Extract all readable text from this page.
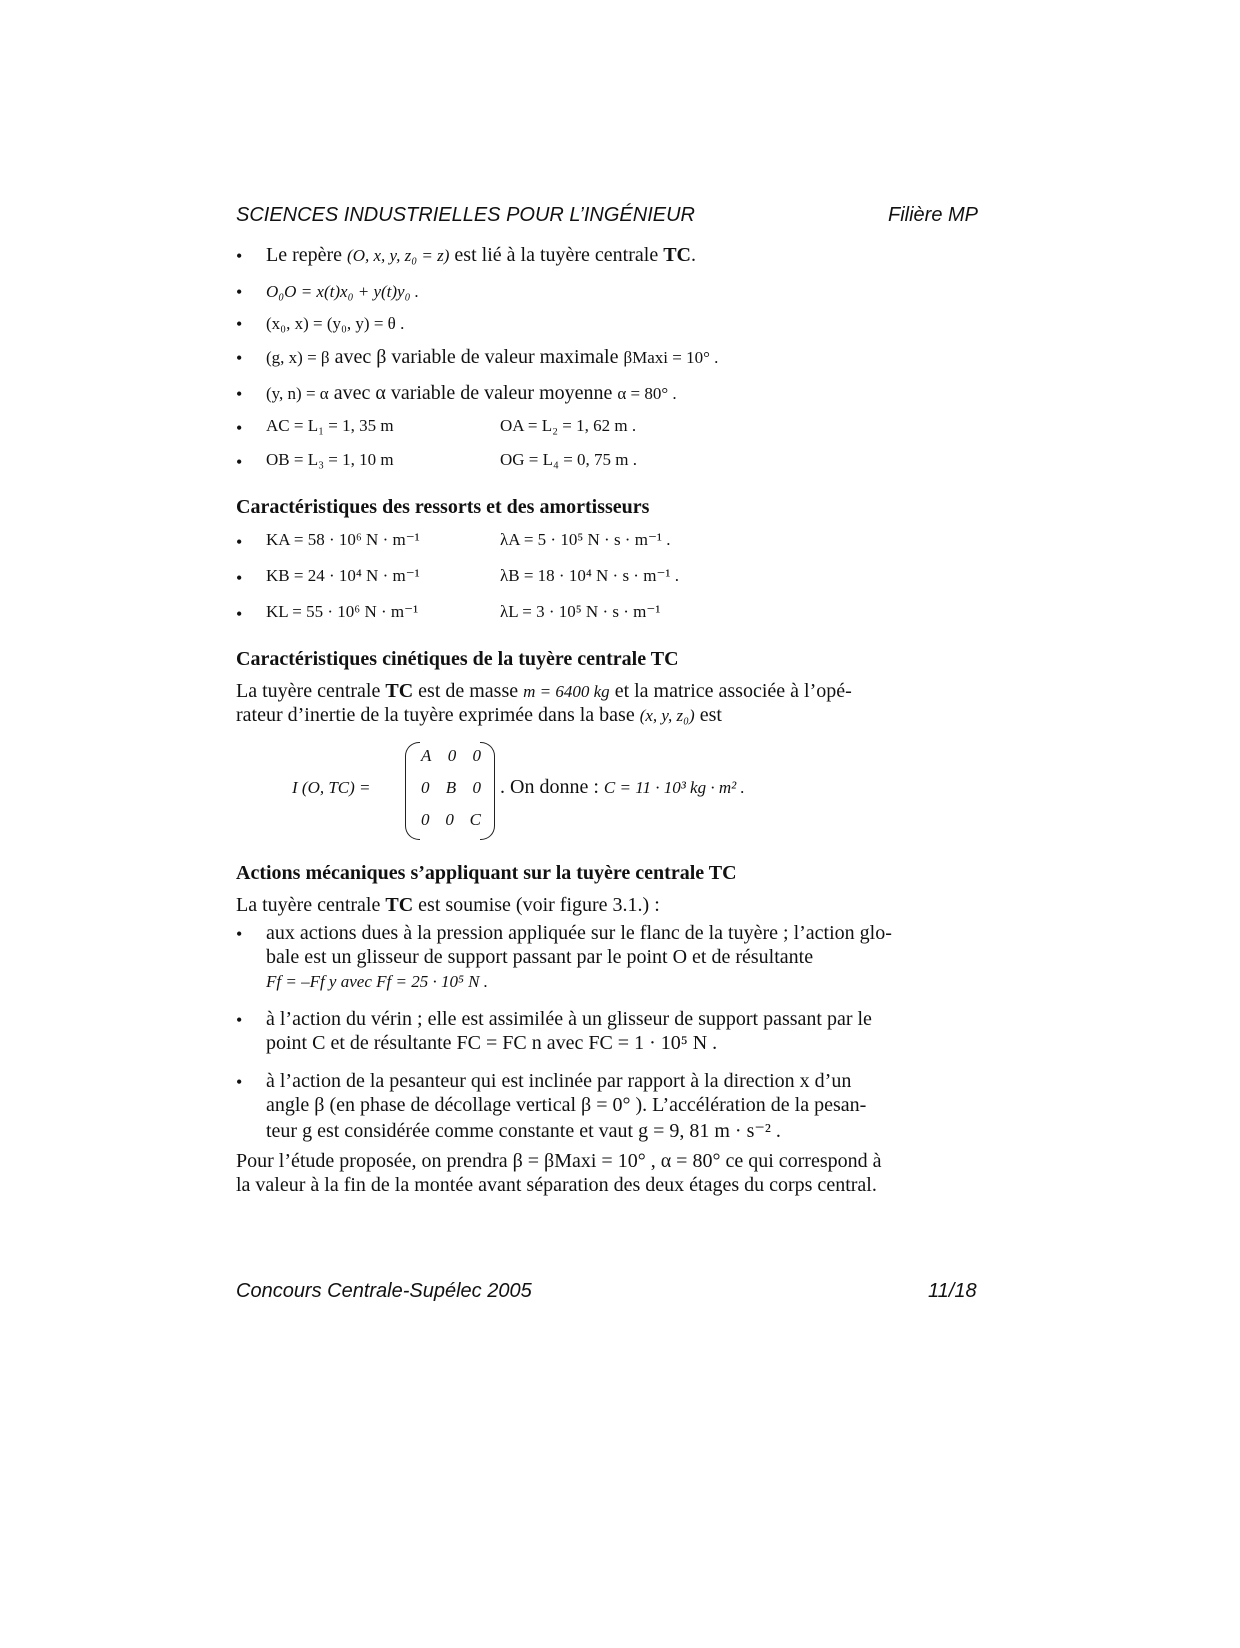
SCIENCES INDUSTRIELLES POUR L’INGÉNIEUR	Filière MP
• Le repère (O, x, y, z₀ = z) est lié à la tuyère centrale TC.
• O₀O = x(t)x₀ + y(t)y₀ .
• (x₀, x) = (y₀, y) = θ .
• (g, x) = β avec β variable de valeur maximale βMaxi = 10° .
• (y, n) = α avec α variable de valeur moyenne α = 80° .
• AC = L₁ = 1, 35 m	OA = L₂ = 1, 62 m .
• OB = L₃ = 1, 10 m	OG = L₄ = 0, 75 m .
Caractéristiques des ressorts et des amortisseurs
• KA = 58 · 10⁶ N · m⁻¹	λA = 5 · 10⁵ N · s · m⁻¹ .
• KB = 24 · 10⁴ N · m⁻¹	λB = 18 · 10⁴ N · s · m⁻¹ .
• KL = 55 · 10⁶ N · m⁻¹	λL = 3 · 10⁵ N · s · m⁻¹
Caractéristiques cinétiques de la tuyère centrale TC
La tuyère centrale TC est de masse m = 6400 kg et la matrice associée à l’opé-
rateur d’inertie de la tuyère exprimée dans la base (x, y, z₀) est
I (O, TC) =
A 0 0
0 B 0
0 0 C
. On donne : C = 11 · 10³ kg · m² .
Actions mécaniques s’appliquant sur la tuyère centrale TC
La tuyère centrale TC est soumise (voir figure 3.1.) :
• aux actions dues à la pression appliquée sur le flanc de la tuyère ; l’action glo-
bale est un glisseur de support passant par le point O et de résultante
Ff = –Ff y avec Ff = 25 · 10⁵ N .
• à l’action du vérin ; elle est assimilée à un glisseur de support passant par le
point C et de résultante FC = FC n avec FC = 1 · 10⁵ N .
• à l’action de la pesanteur qui est inclinée par rapport à la direction x d’un
angle β (en phase de décollage vertical β = 0° ). L’accélération de la pesan-
teur g est considérée comme constante et vaut g = 9, 81 m · s⁻² .
Pour l’étude proposée, on prendra β = βMaxi = 10° , α = 80° ce qui correspond à
la valeur à la fin de la montée avant séparation des deux étages du corps central.
Concours Centrale-Supélec 2005	11/18
